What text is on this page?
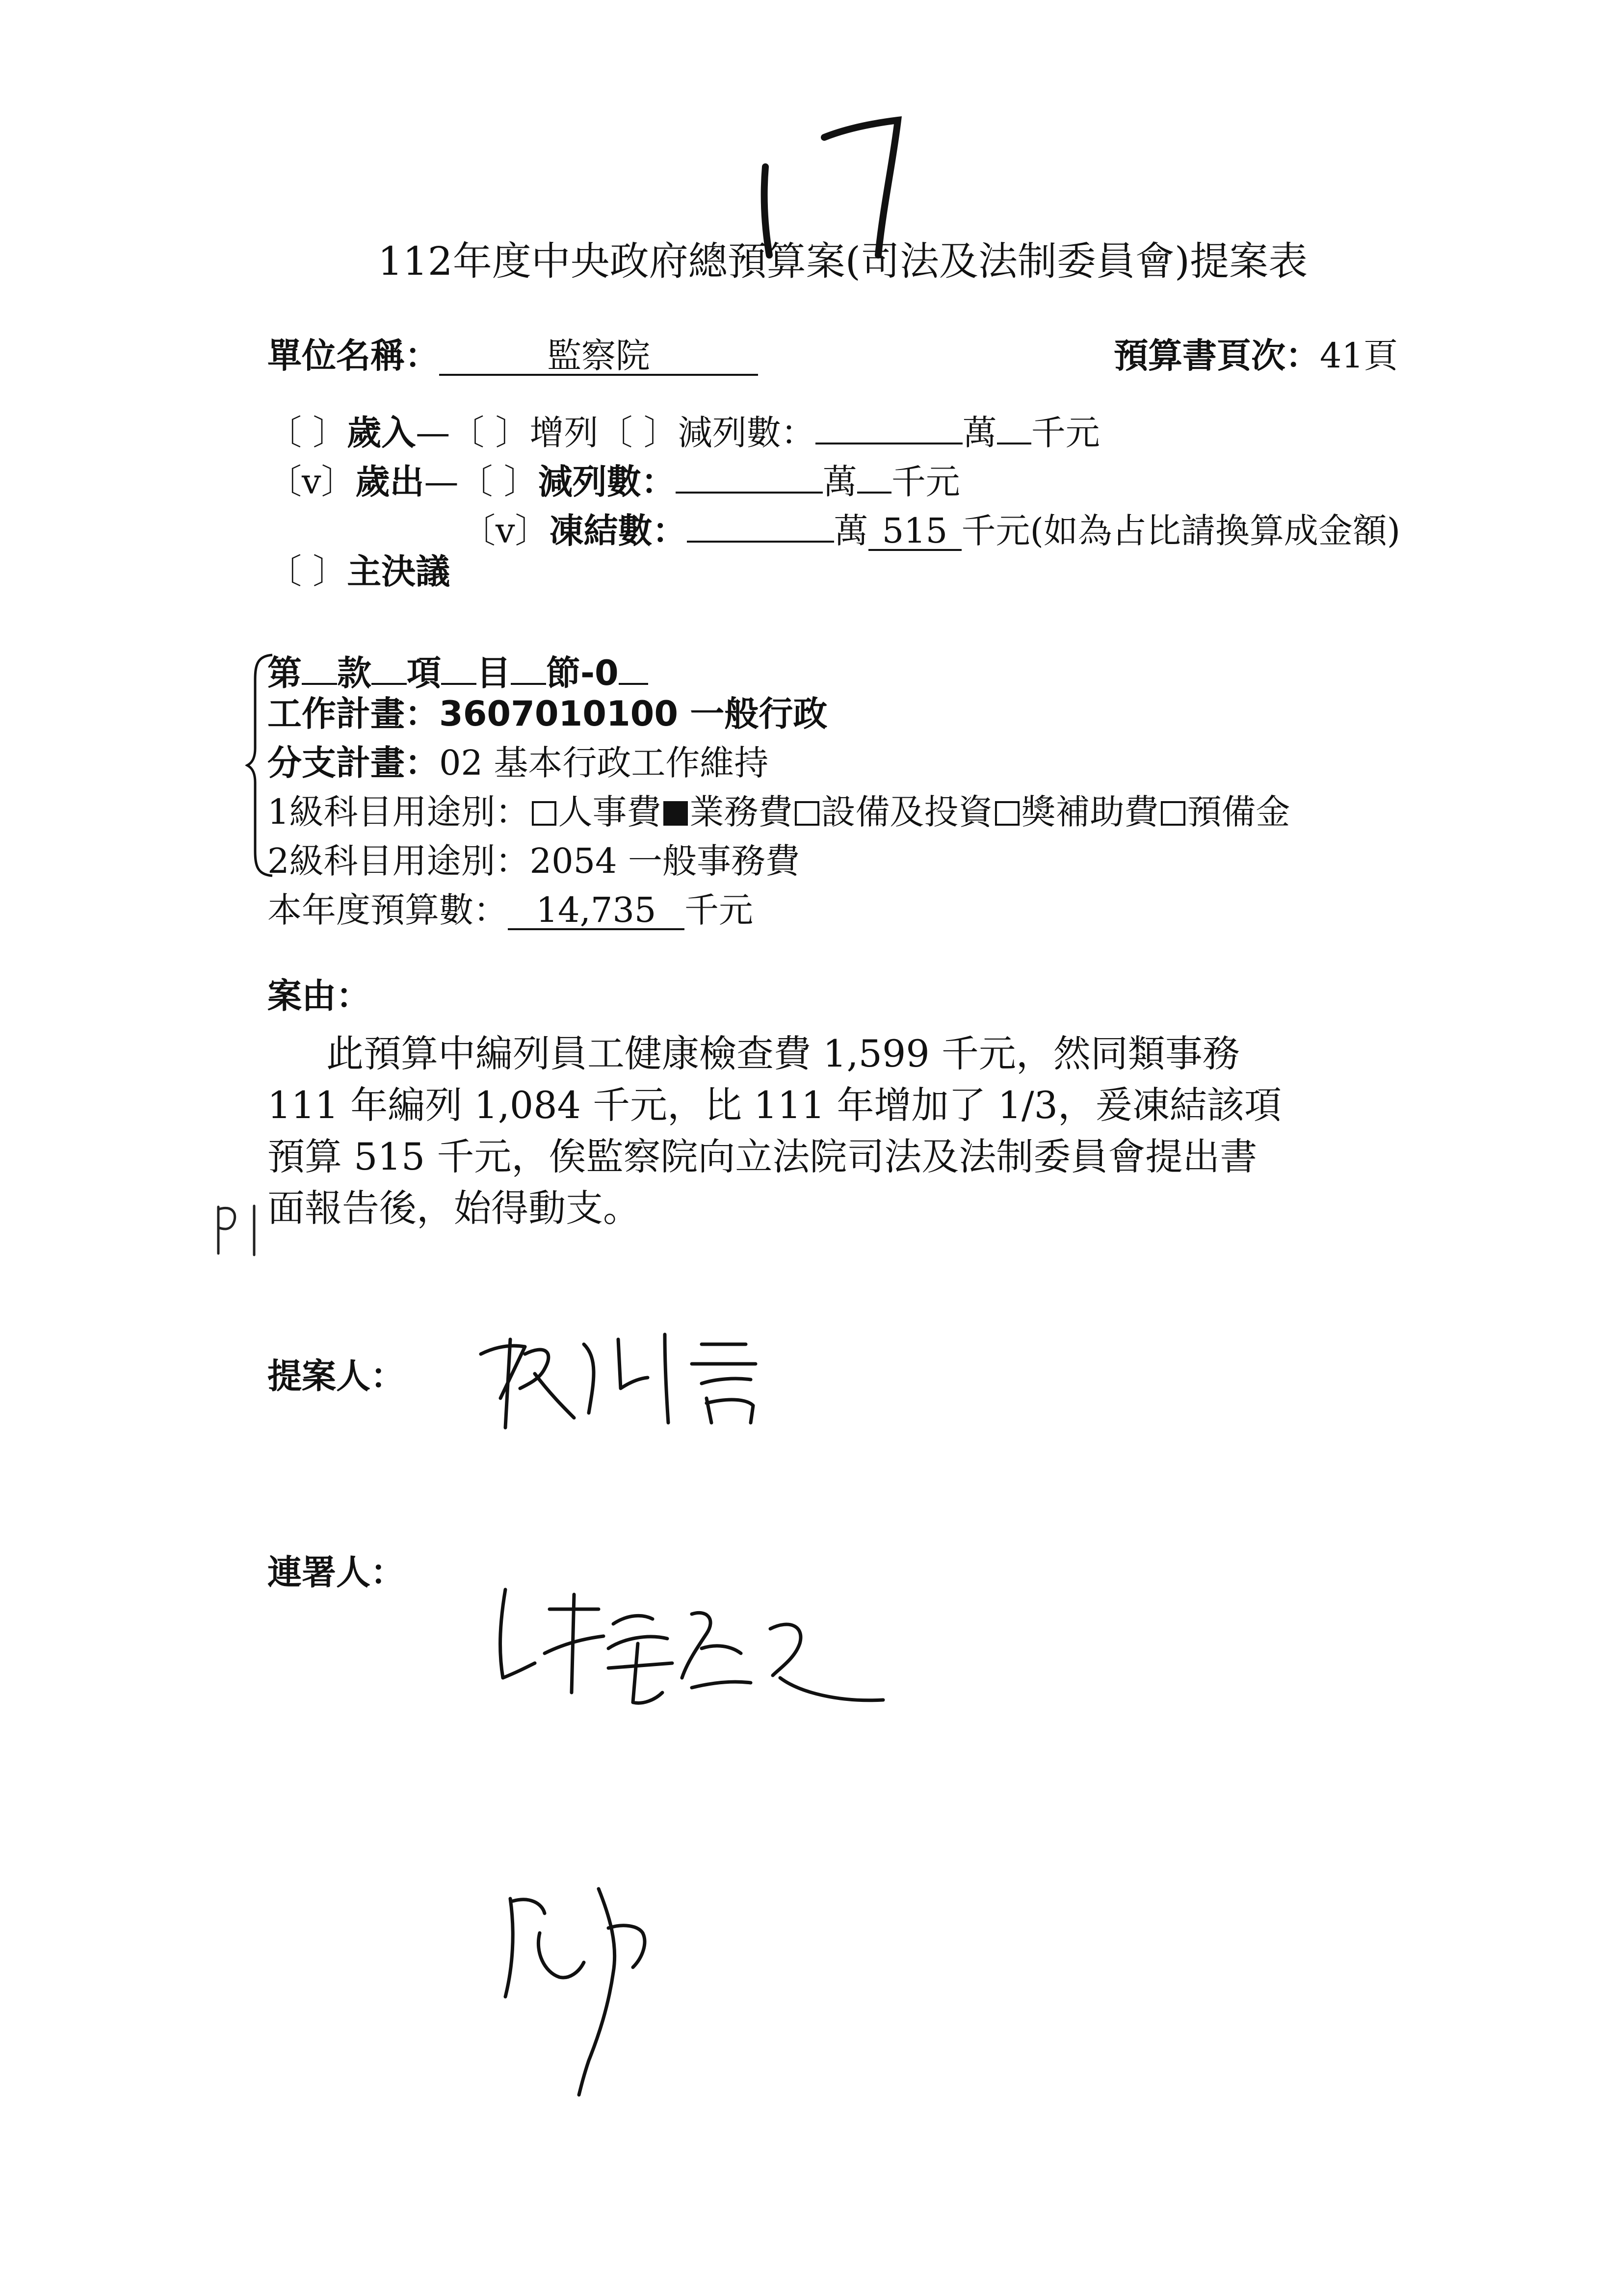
112年度中央政府總預算案(司法及法制委員會)提案表
單位名稱：	監察院	預算書頁次：41頁
〔 〕歲入—〔 〕增列〔 〕減列數：	萬 千元
〔v〕歲出—〔 〕減列數：	萬 千元
〔v〕凍結數：	萬 515 千元(如為占比請換算成金額)
〔 〕主決議
第 款 項 目 節-0
工作計畫：3607010100 一般行政
分支計畫：02 基本行政工作維持
1級科目用途別： 人事費 業務費 設備及投資 獎補助費 預備金
2級科目用途別：2054 一般事務費
本年度預算數： 14,735 千元
案由：
此預算中編列員工健康檢查費 1,599 千元，然同類事務
111 年編列 1,084 千元，比 111 年增加了 1/3，爰凍結該項
預算 515 千元，俟監察院向立法院司法及法制委員會提出書
面報告後，始得動支。
提案人：
連署人：
